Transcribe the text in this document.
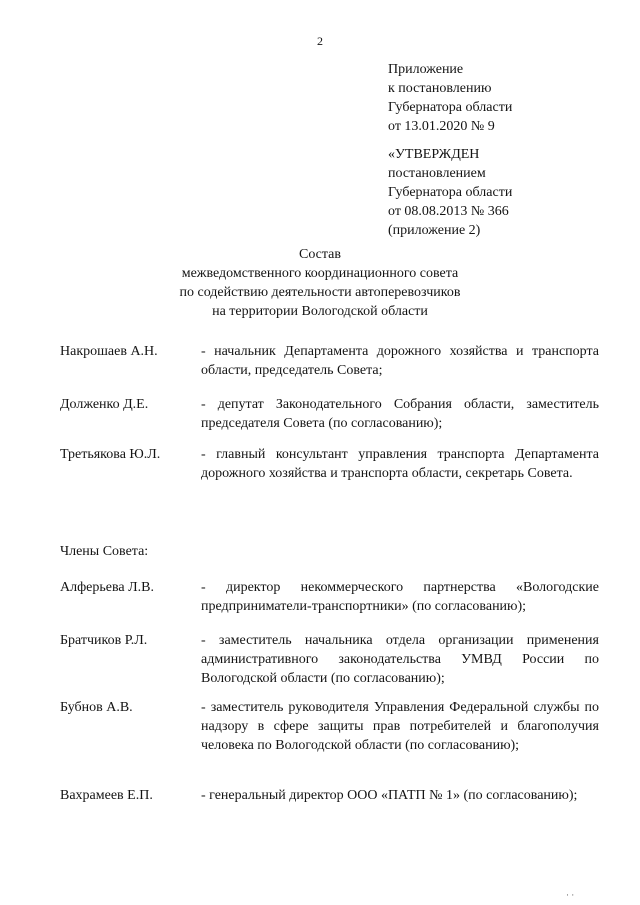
2
Приложение
к постановлению
Губернатора области
от 13.01.2020 № 9
«УТВЕРЖДЕН
постановлением
Губернатора области
от 08.08.2013 № 366
(приложение 2)
Состав
межведомственного координационного совета
по содействию деятельности автоперевозчиков
на территории Вологодской области
Накрошаев А.Н.	- начальник Департамента дорожного хозяйства и транспорта области, председатель Совета;
Долженко Д.Е.	- депутат Законодательного Собрания области, заместитель председателя Совета (по согласованию);
Третьякова Ю.Л.	- главный консультант управления транспорта Департамента дорожного хозяйства и транспорта области, секретарь Совета.
Члены Совета:
Алферьева Л.В.	- директор некоммерческого партнерства «Вологодские предприниматели-транспортники» (по согласованию);
Братчиков Р.Л.	- заместитель начальника отдела организации применения административного законодательства УМВД России по Вологодской области (по согласованию);
Бубнов А.В.	- заместитель руководителя Управления Федеральной службы по надзору в сфере защиты прав потребителей и благополучия человека по Вологодской области (по согласованию);
Вахрамеев Е.П.	- генеральный директор ООО «ПАТП № 1» (по согласованию);
· ·
